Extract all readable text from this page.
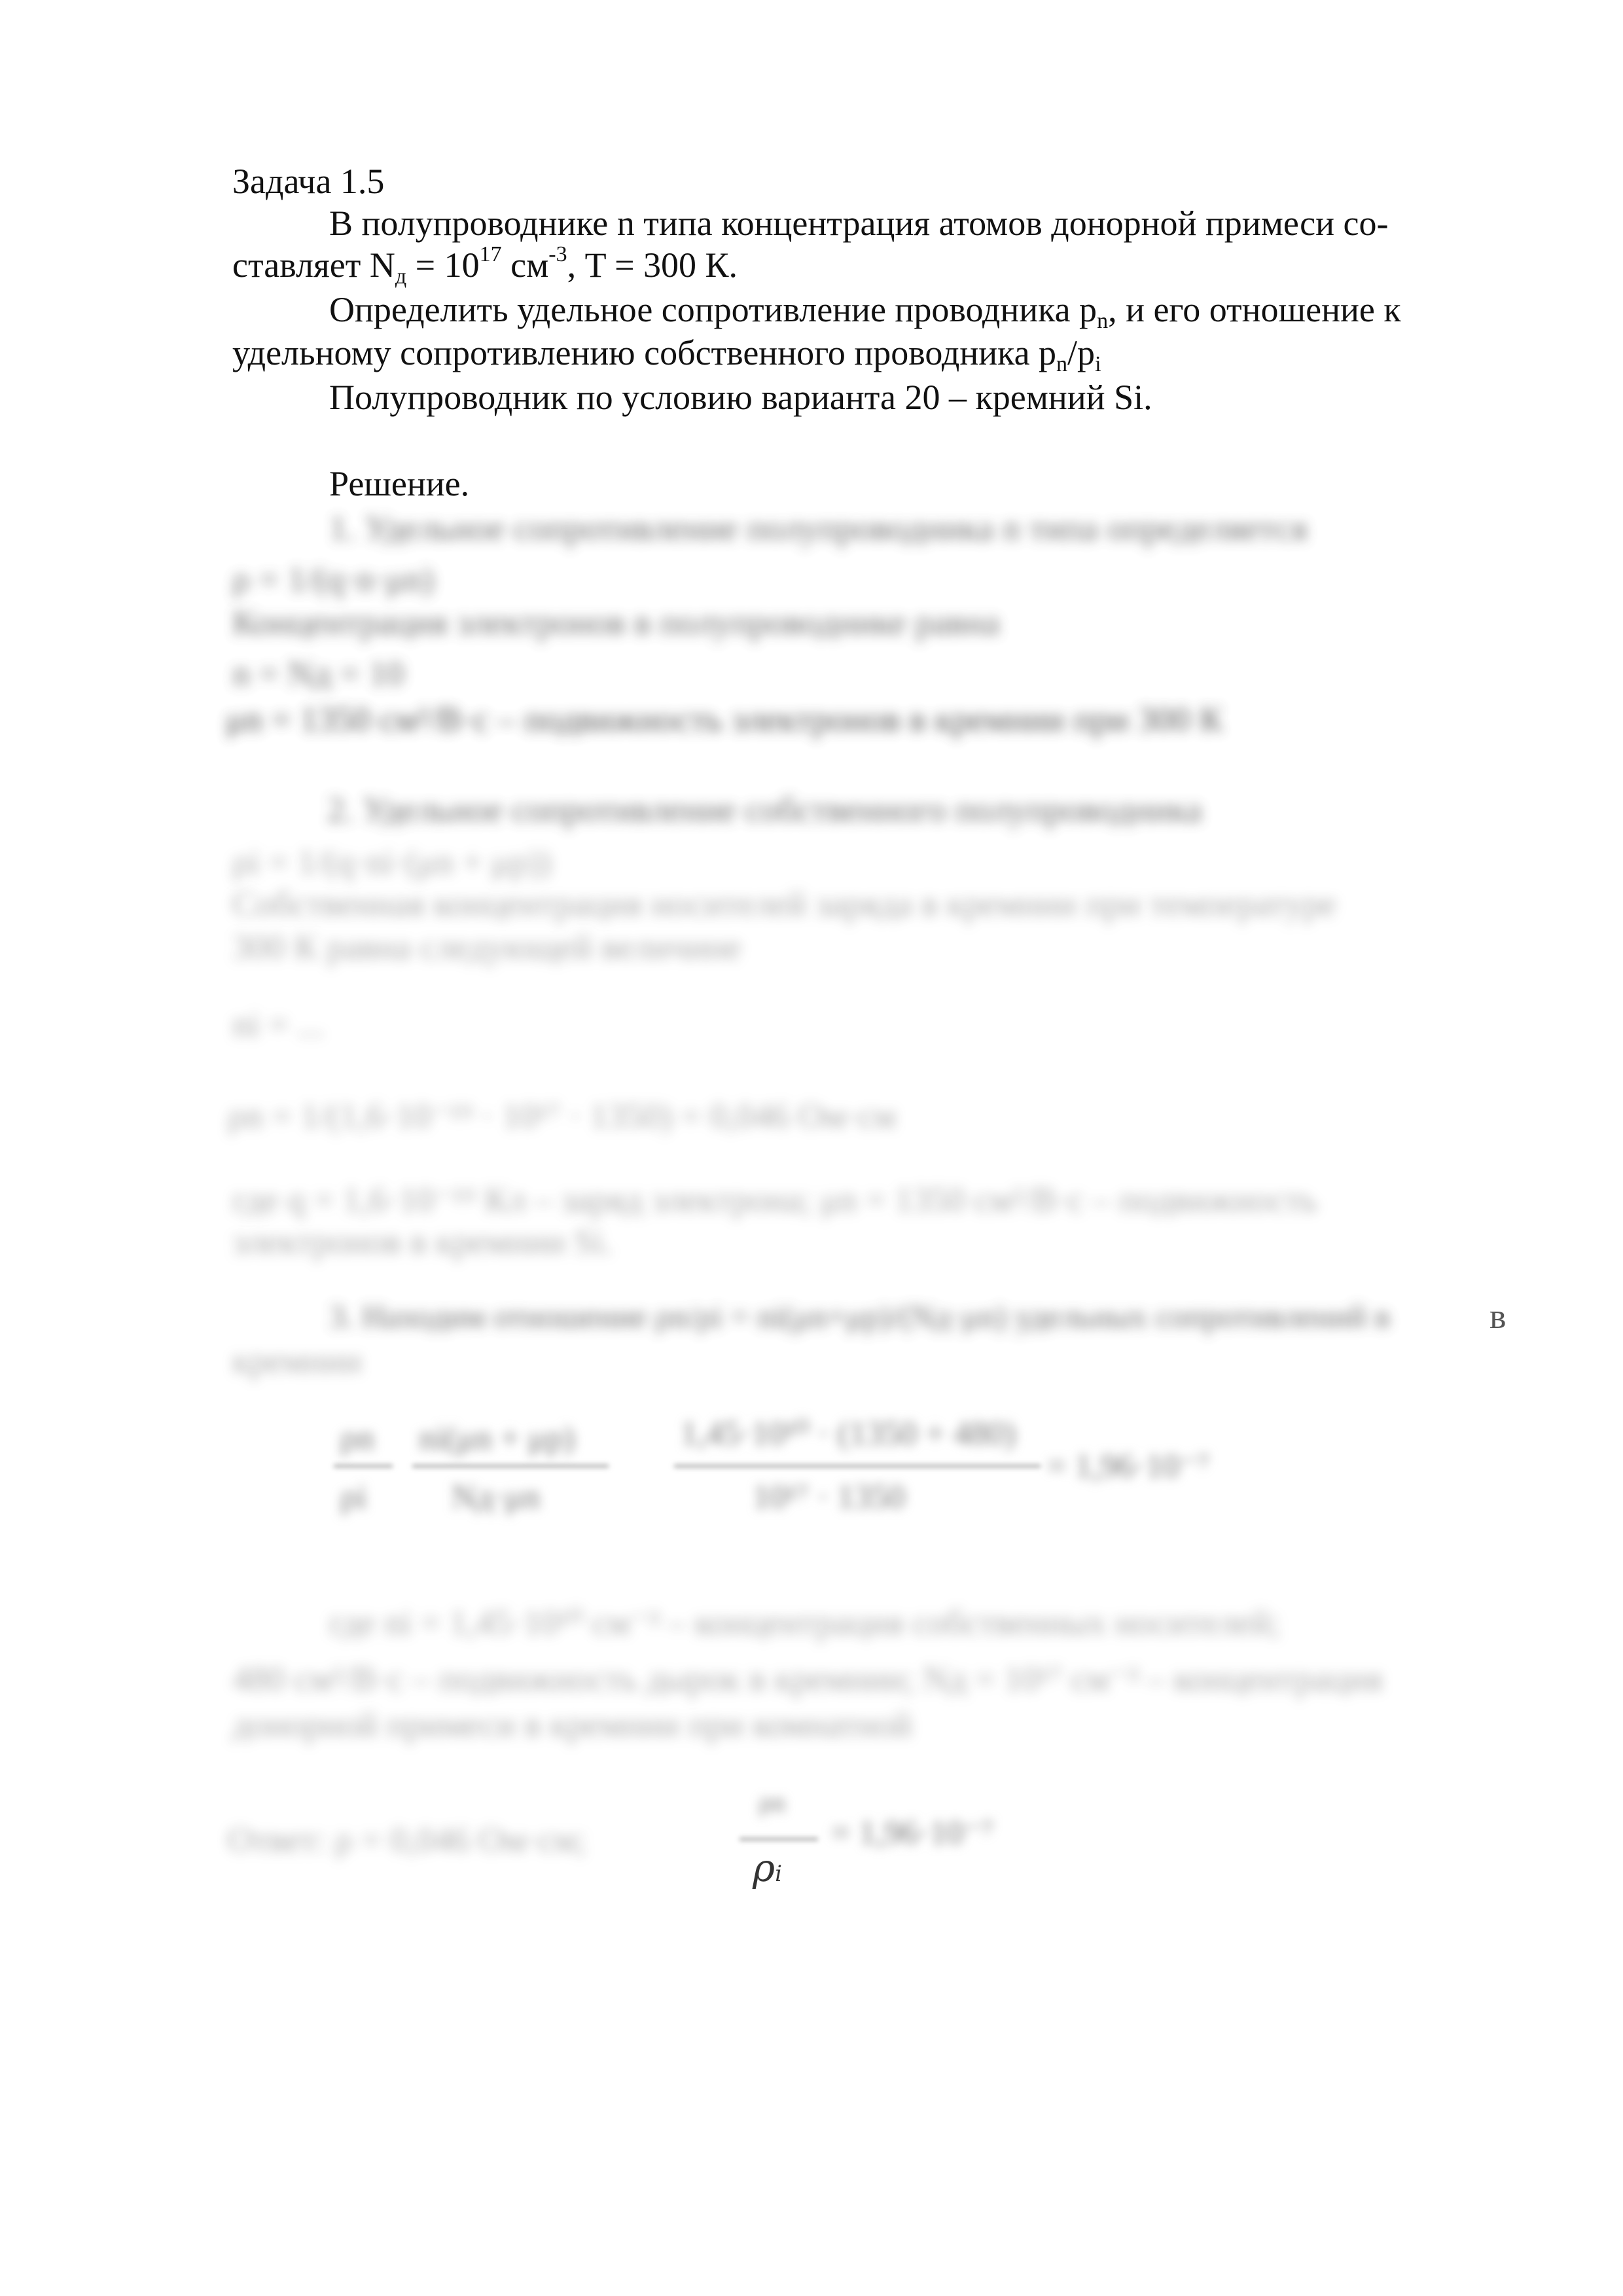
Задача 1.5
В полупроводнике n типа концентрация атомов донорной примеси со-
ставляет $N_д = 10^{17}$ $см^{-3}$, T = 300 К.
Определить удельное сопротивление проводника $p_n$, и его отношение к
удельному сопротивлению собственного проводника $p_n/p_i$
Полупроводник по условию варианта 20 – кремний Si.
Решение.
1. Удельное сопротивление полупроводника n типа определяется
ρ = 1/(q·n·μn)
Концентрация электронов в полупроводнике равна
n = Nд = 10
μn = 1350 см²/В·с – подвижность электронов в кремнии при 300 К
2. Удельное сопротивление собственного полупроводника
ρi = 1/(q·ni·(μn + μp))
Собственная концентрация носителей заряда в кремнии при температуре
300 К равна следующей величине
ni = ...
ρn = 1/(1,6·10⁻¹⁹ · 10¹⁷ · 1350) = 0,046 Ом·см
где q = 1,6·10⁻¹⁹ Кл – заряд электрона; μn = 1350 см²/В·с – подвижность
электронов в кремнии Si.
3. Находим отношение ρn/ρi = ni(μn+μp)/(Nд·μn) удельных сопротивлений в	в
кремнии
ρn ni(μn + μp)	1,45·10¹⁰ · (1350 + 480)
= 1,96·10⁻⁷
ρi Nд·μn	10¹⁷ · 1350
где ni = 1,45·10¹⁰ см⁻³ – концентрация собственных носителей;
480 см²/В·с – подвижность дырок в кремнии; Nд = 10¹⁷ см⁻³ – концентрация
донорной примеси в кремнии при комнатной
Ответ: ρ = 0,046 Ом·см;
ρn
= 1,96·10⁻⁷
ρi
